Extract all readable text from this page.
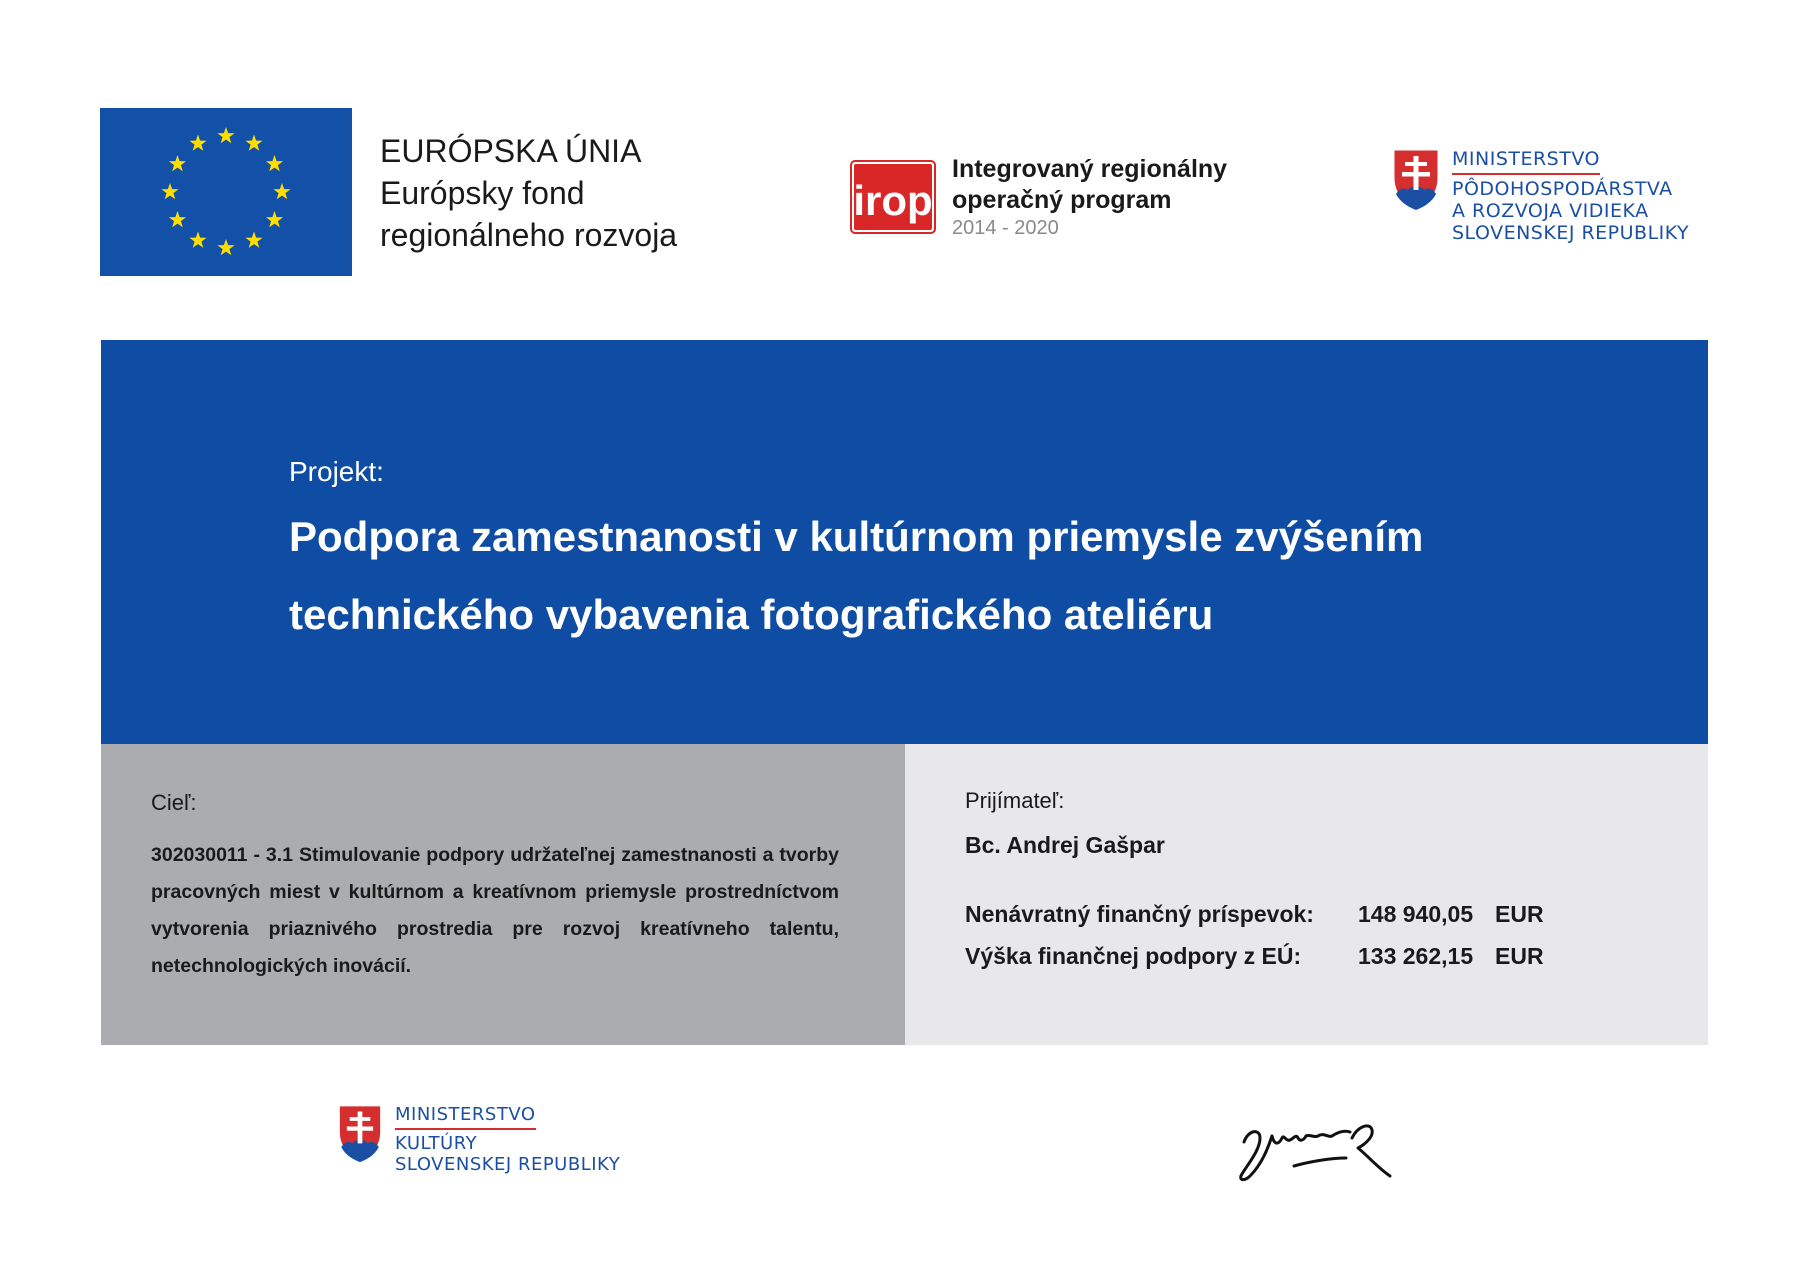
EURÓPSKA ÚNIA
Európsky fond
regionálneho rozvoja
irop
Integrovaný regionálny
operačný program
2014 - 2020
MINISTERSTVO
PÔDOHOSPODÁRSTVA
A ROZVOJA VIDIEKA
SLOVENSKEJ REPUBLIKY
Projekt:
Podpora zamestnanosti v kultúrnom priemysle zvýšením technického vybavenia fotografického ateliéru
Cieľ:
302030011 - 3.1 Stimulovanie podpory udržateľnej zamestnanosti a tvorby pracovných miest v kultúrnom a kreatívnom priemysle prostredníctvom vytvorenia priaznivého prostredia pre rozvoj kreatívneho talentu, netechnologických inovácií.
Prijímateľ:
Bc. Andrej Gašpar
Nenávratný finančný príspevok: 148 940,05 EUR
Výška finančnej podpory z EÚ: 133 262,15 EUR
MINISTERSTVO
KULTÚRY
SLOVENSKEJ REPUBLIKY
